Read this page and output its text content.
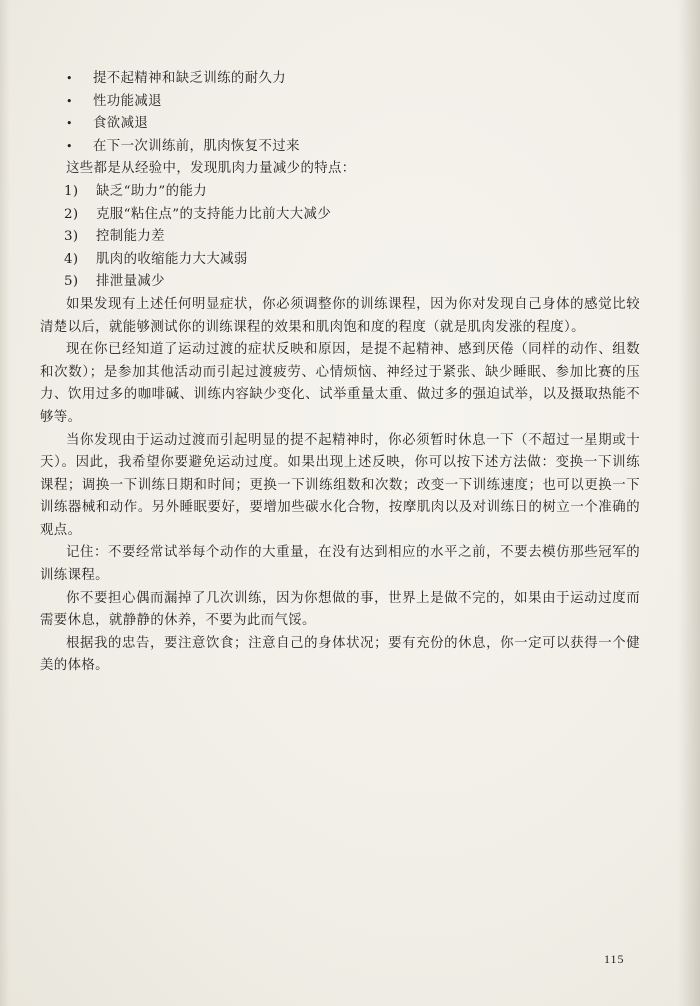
• 提不起精神和缺乏训练的耐久力
• 性功能减退
• 食欲减退
• 在下一次训练前，肌肉恢复不过来

这些都是从经验中，发现肌肉力量减少的特点：

1) 缺乏“助力”的能力
2) 克服“粘住点”的支持能力比前大大减少
3) 控制能力差
4) 肌肉的收缩能力大大减弱
5) 排泄量减少

如果发现有上述任何明显症状，你必须调整你的训练课程，因为你对发现自己身体的感觉比较清楚以后，就能够测试你的训练课程的效果和肌肉饱和度的程度（就是肌肉发涨的程度）。

现在你已经知道了运动过渡的症状反映和原因，是提不起精神、感到厌倦（同样的动作、组数和次数）；是参加其他活动而引起过渡疲劳、心情烦恼、神经过于紧张、缺少睡眠、参加比赛的压力、饮用过多的咖啡碱、训练内容缺少变化、试举重量太重、做过多的强迫试举，以及摄取热能不够等。

当你发现由于运动过渡而引起明显的提不起精神时，你必须暂时休息一下（不超过一星期或十天）。因此，我希望你要避免运动过度。如果出现上述反映，你可以按下述方法做：变换一下训练课程；调换一下训练日期和时间；更换一下训练组数和次数；改变一下训练速度；也可以更换一下训练器械和动作。另外睡眠要好，要增加些碳水化合物，按摩肌肉以及对训练日的树立一个准确的观点。

记住：不要经常试举每个动作的大重量，在没有达到相应的水平之前，不要去模仿那些冠军的训练课程。

你不要担心偶而漏掉了几次训练，因为你想做的事，世界上是做不完的，如果由于运动过度而需要休息，就静静的休养，不要为此而气馁。

根据我的忠告，要注意饮食；注意自己的身体状况；要有充份的休息，你一定可以获得一个健美的体格。

115
